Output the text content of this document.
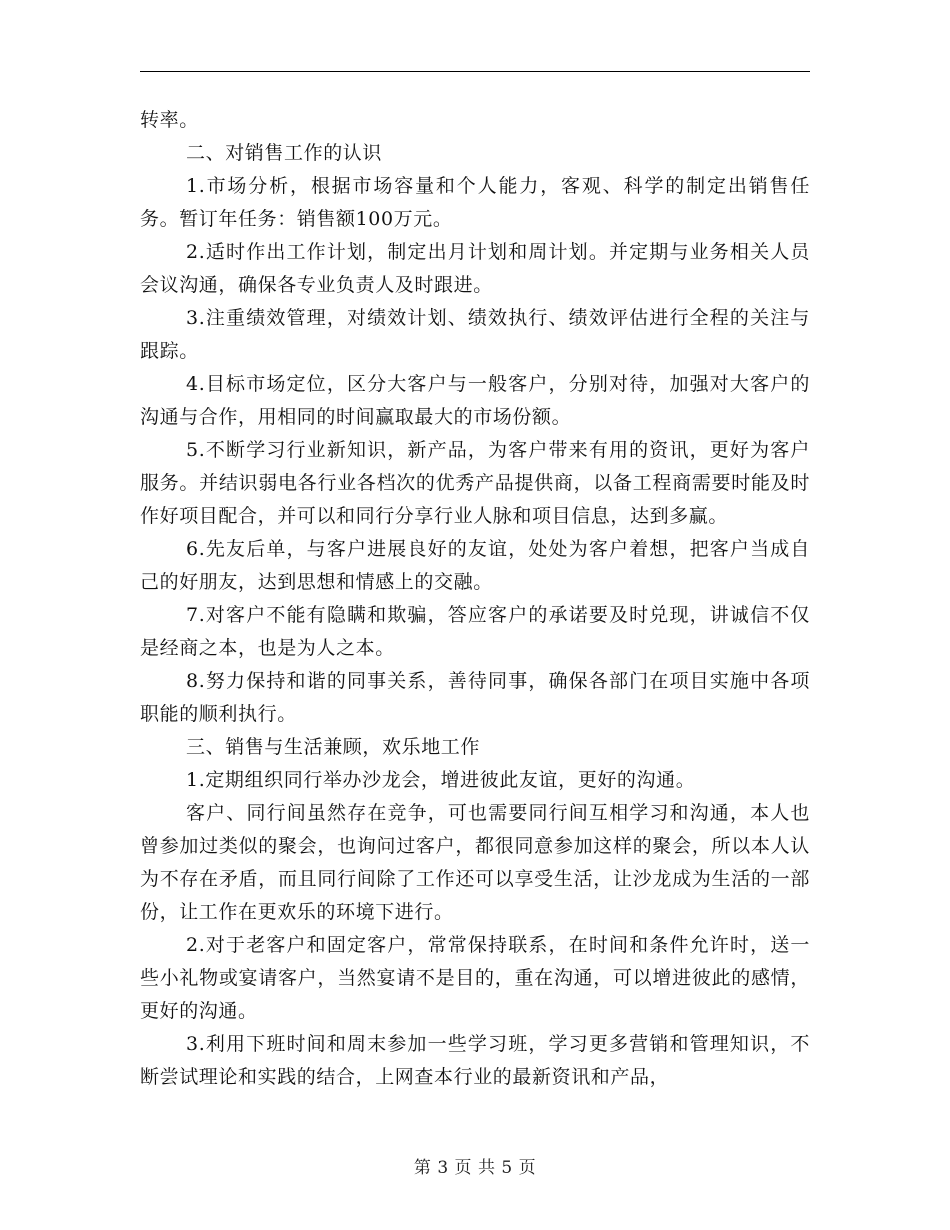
转率。

二、对销售工作的认识

1.市场分析，根据市场容量和个人能力，客观、科学的制定出销售任务。暂订年任务：销售额100万元。

2.适时作出工作计划，制定出月计划和周计划。并定期与业务相关人员会议沟通，确保各专业负责人及时跟进。

3.注重绩效管理，对绩效计划、绩效执行、绩效评估进行全程的关注与跟踪。

4.目标市场定位，区分大客户与一般客户，分别对待，加强对大客户的沟通与合作，用相同的时间赢取最大的市场份额。

5.不断学习行业新知识，新产品，为客户带来有用的资讯，更好为客户服务。并结识弱电各行业各档次的优秀产品提供商，以备工程商需要时能及时作好项目配合，并可以和同行分享行业人脉和项目信息，达到多赢。

6.先友后单，与客户进展良好的友谊，处处为客户着想，把客户当成自己的好朋友，达到思想和情感上的交融。

7.对客户不能有隐瞒和欺骗，答应客户的承诺要及时兑现，讲诚信不仅是经商之本，也是为人之本。

8.努力保持和谐的同事关系，善待同事，确保各部门在项目实施中各项职能的顺利执行。

三、销售与生活兼顾，欢乐地工作

1.定期组织同行举办沙龙会，增进彼此友谊，更好的沟通。

客户、同行间虽然存在竞争，可也需要同行间互相学习和沟通，本人也曾参加过类似的聚会，也询问过客户，都很同意参加这样的聚会，所以本人认为不存在矛盾，而且同行间除了工作还可以享受生活，让沙龙成为生活的一部份，让工作在更欢乐的环境下进行。

2.对于老客户和固定客户，常常保持联系，在时间和条件允许时，送一些小礼物或宴请客户，当然宴请不是目的，重在沟通，可以增进彼此的感情，更好的沟通。

3.利用下班时间和周末参加一些学习班，学习更多营销和管理知识，不断尝试理论和实践的结合，上网查本行业的最新资讯和产品，

第 3 页 共 5 页
